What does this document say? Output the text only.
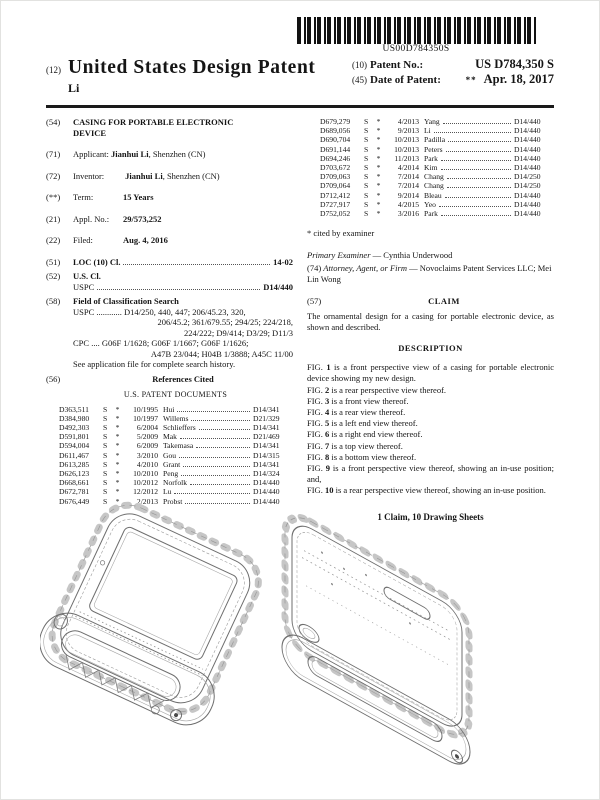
US00D784350S
(12) United States Design Patent
Li
(10) Patent No.:	US D784,350 S
(45) Date of Patent:	** Apr. 18, 2017
(54)	CASING FOR PORTABLE ELECTRONIC
DEVICE
(71)	Applicant: Jianhui Li, Shenzhen (CN)
(72)	Inventor: Jianhui Li, Shenzhen (CN)
(**)	Term:	15 Years
(21)	Appl. No.: 29/573,252
(22)	Filed:	Aug. 4, 2016
(51)	LOC (10) Cl.	14-02
(52)	U.S. Cl.
USPC	D14/440
(58)	Field of Classification Search
USPC ............ D14/250, 440, 447; 206/45.23, 320,
206/45.2; 361/679.55; 294/25; 224/218,
224/222; D9/414; D3/29; D11/3
CPC .... G06F 1/1628; G06F 1/1667; G06F 1/1626;
A47B 23/044; H04B 1/3888; A45C 11/00
See application file for complete search history.
(56)	References Cited
U.S. PATENT DOCUMENTS
D363,511	S	*	10/1995 Hui	D14/341
D384,980	S	*	10/1997 Willems	D21/329
D492,303	S	*	6/2004 Schlieffers	D14/341
D591,801	S	*	5/2009 Mak	D21/469
D594,004	S	*	6/2009 Takemasa	D14/341
D611,467	S	*	3/2010 Gou	D14/315
D613,285	S	*	4/2010 Grant	D14/341
D626,123	S	*	10/2010 Peng	D14/324
D668,661	S	*	10/2012 Norfolk	D14/440
D672,781	S	*	12/2012 Lu	D14/440
D676,449	S	*	2/2013 Probst	D14/440
D679,279	S	*	4/2013 Yang	D14/440
D689,056	S	*	9/2013 Li	D14/440
D690,704	S	*	10/2013 Padilla	D14/440
D691,144	S	*	10/2013 Peters	D14/440
D694,246	S	*	11/2013 Park	D14/440
D703,672	S	*	4/2014 Kim	D14/440
D709,063	S	*	7/2014 Chang	D14/250
D709,064	S	*	7/2014 Chang	D14/250
D712,412	S	*	9/2014 Bleau	D14/440
D727,917	S	*	4/2015 Yeo	D14/440
D752,052	S	*	3/2016 Park	D14/440
* cited by examiner
Primary Examiner — Cynthia Underwood
(74) Attorney, Agent, or Firm — Novoclaims Patent Services LLC; Mei Lin Wong
(57)	CLAIM
The ornamental design for a casing for portable electronic device, as shown and described.
DESCRIPTION
FIG. 1 is a front perspective view of a casing for portable electronic device showing my new design.
FIG. 2 is a rear perspective view thereof.
FIG. 3 is a front view thereof.
FIG. 4 is a rear view thereof.
FIG. 5 is a left end view thereof.
FIG. 6 is a right end view thereof.
FIG. 7 is a top view thereof.
FIG. 8 is a bottom view thereof.
FIG. 9 is a front perspective view thereof, showing an in-use position; and,
FIG. 10 is a rear perspective view thereof, showing an in-use position.
1 Claim, 10 Drawing Sheets
